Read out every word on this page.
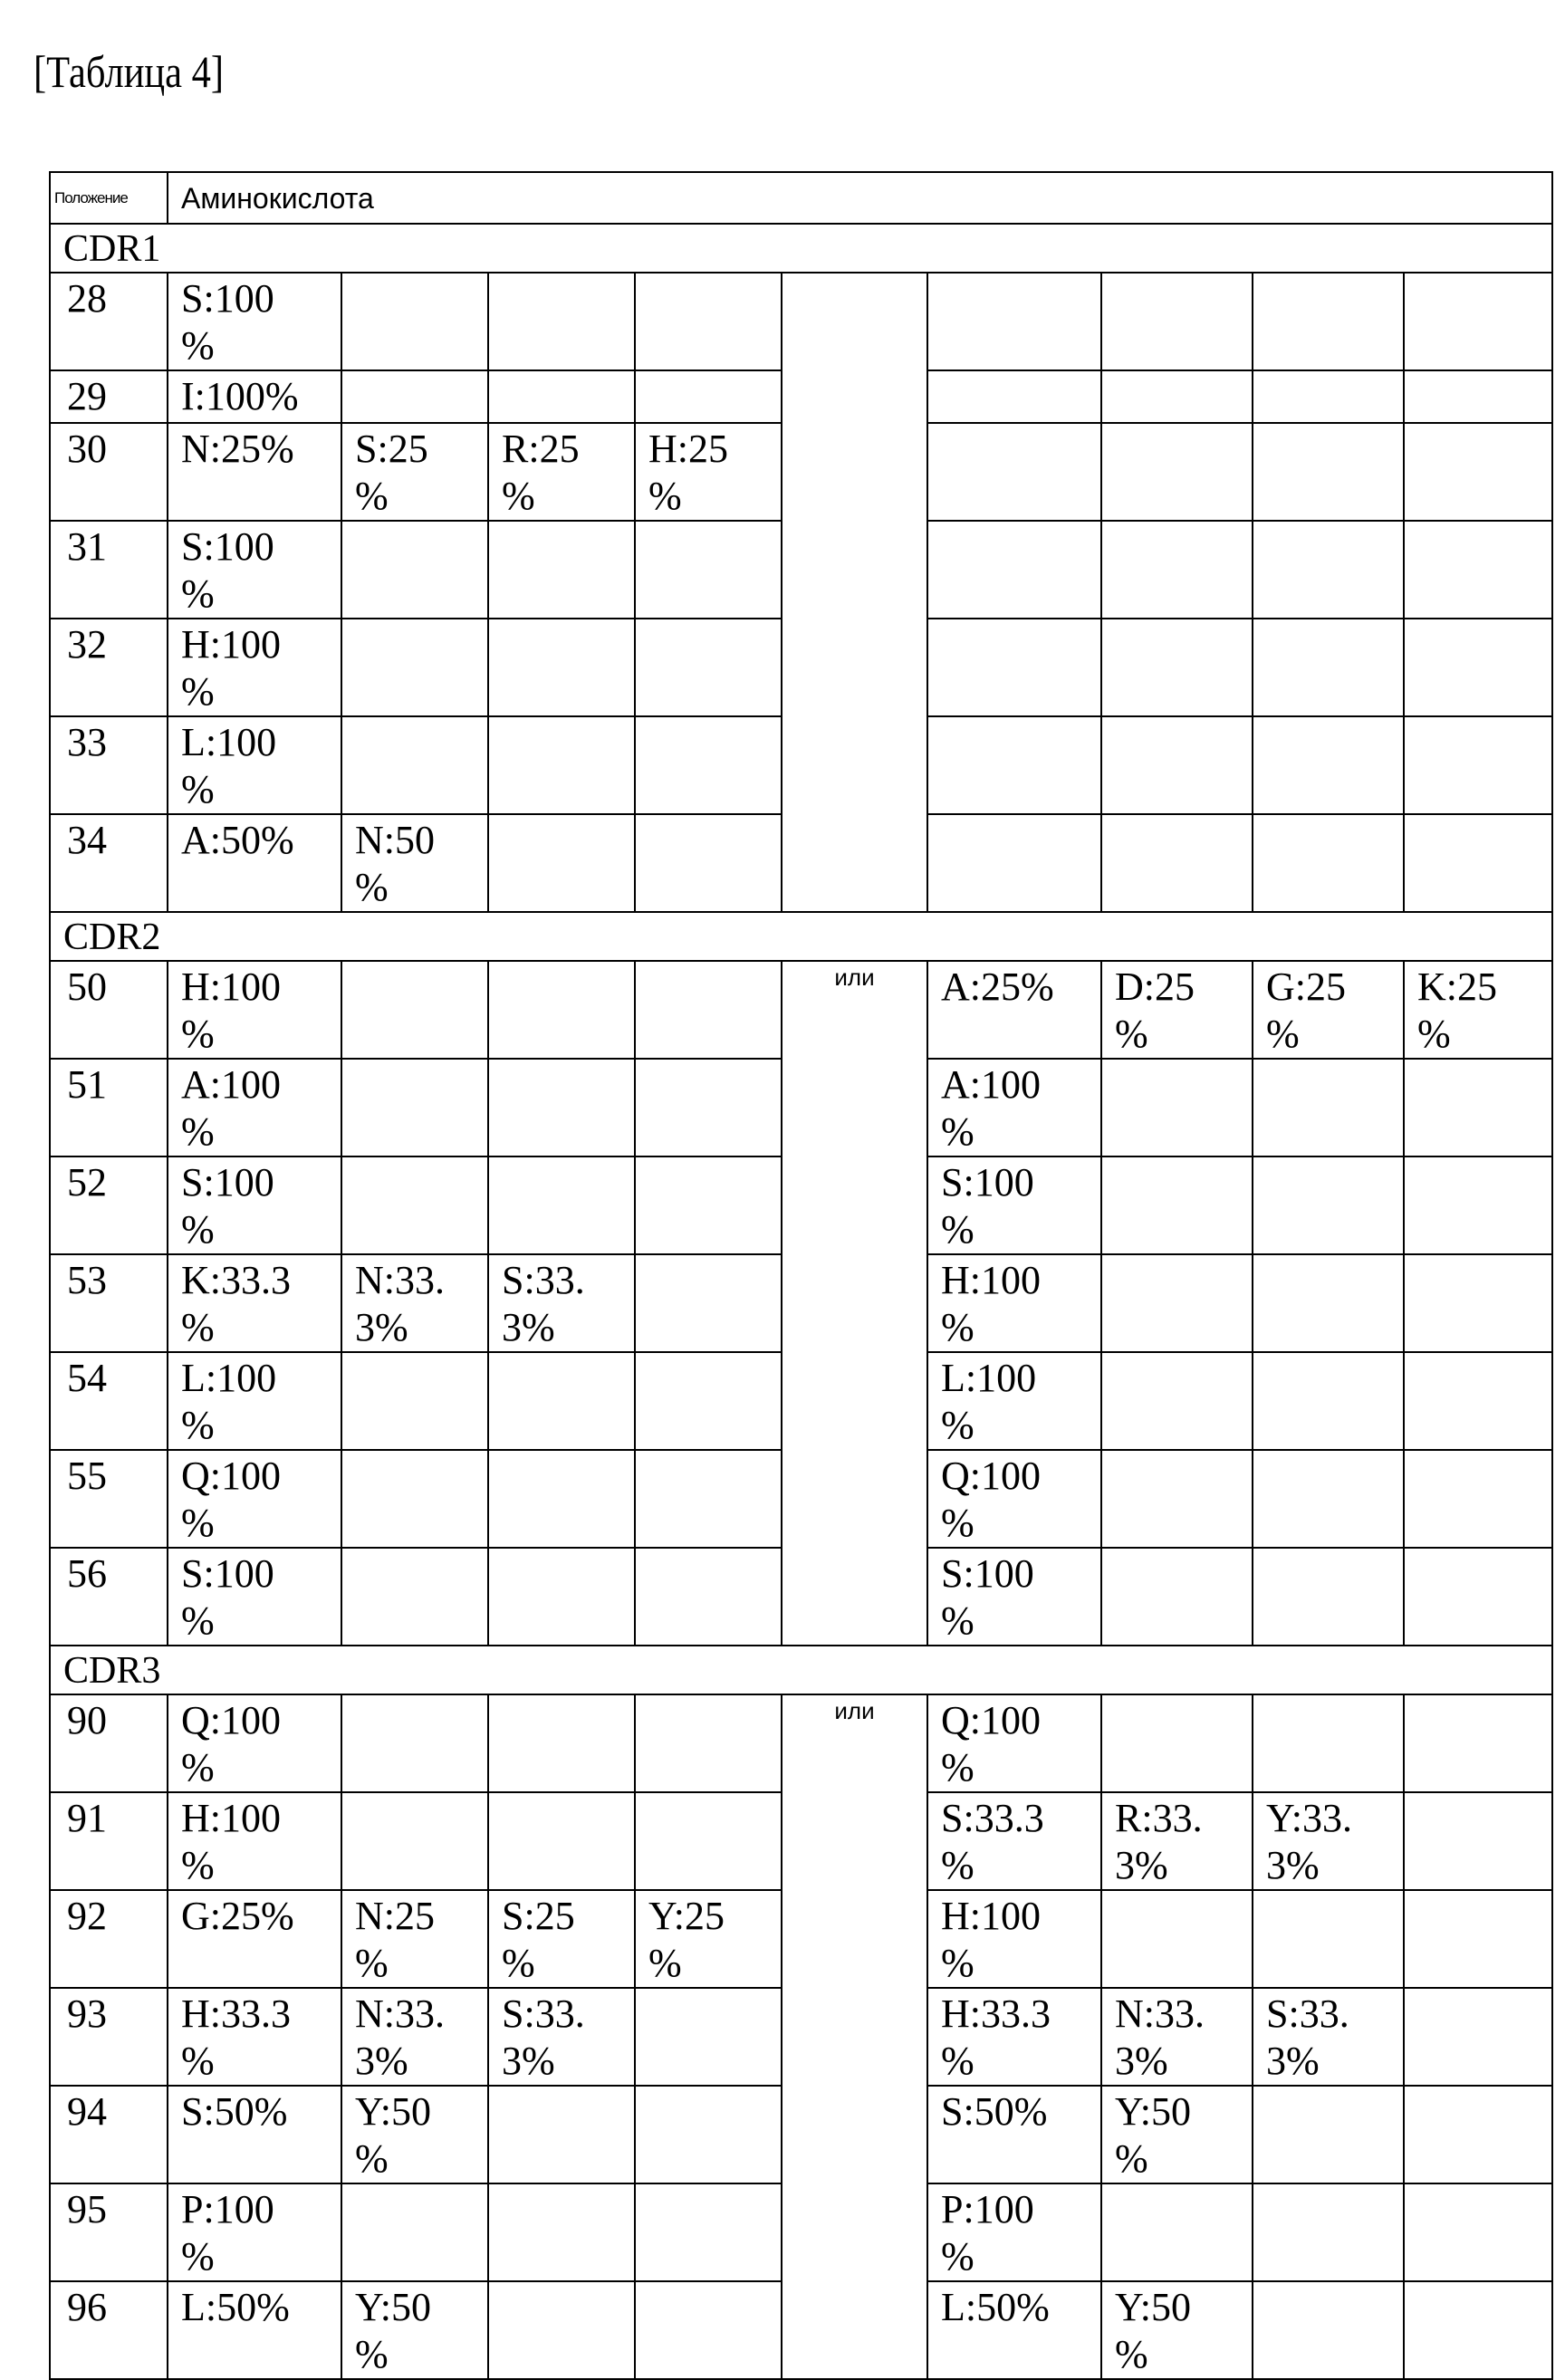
[Таблица 4]
Положение	Аминокислота
CDR1
28	S:100
%								
29	I:100%							
30	N:25%	S:25
%	R:25
%	H:25
%				
31	S:100
%							
32	H:100
%							
33	L:100
%							
34	A:50%	N:50
%						
CDR2
50	H:100
%				или	A:25%	D:25
%	G:25
%	K:25
%
51	A:100
%				A:100
%			
52	S:100
%				S:100
%			
53	K:33.3
%	N:33.
3%	S:33.
3%		H:100
%			
54	L:100
%				L:100
%			
55	Q:100
%				Q:100
%			
56	S:100
%				S:100
%			
CDR3
90	Q:100
%				или	Q:100
%			
91	H:100
%				S:33.3
%	R:33.
3%	Y:33.
3%	
92	G:25%	N:25
%	S:25
%	Y:25
%	H:100
%			
93	H:33.3
%	N:33.
3%	S:33.
3%		H:33.3
%	N:33.
3%	S:33.
3%	
94	S:50%	Y:50
%			S:50%	Y:50
%		
95	P:100
%				P:100
%			
96	L:50%	Y:50
%			L:50%	Y:50
%		
